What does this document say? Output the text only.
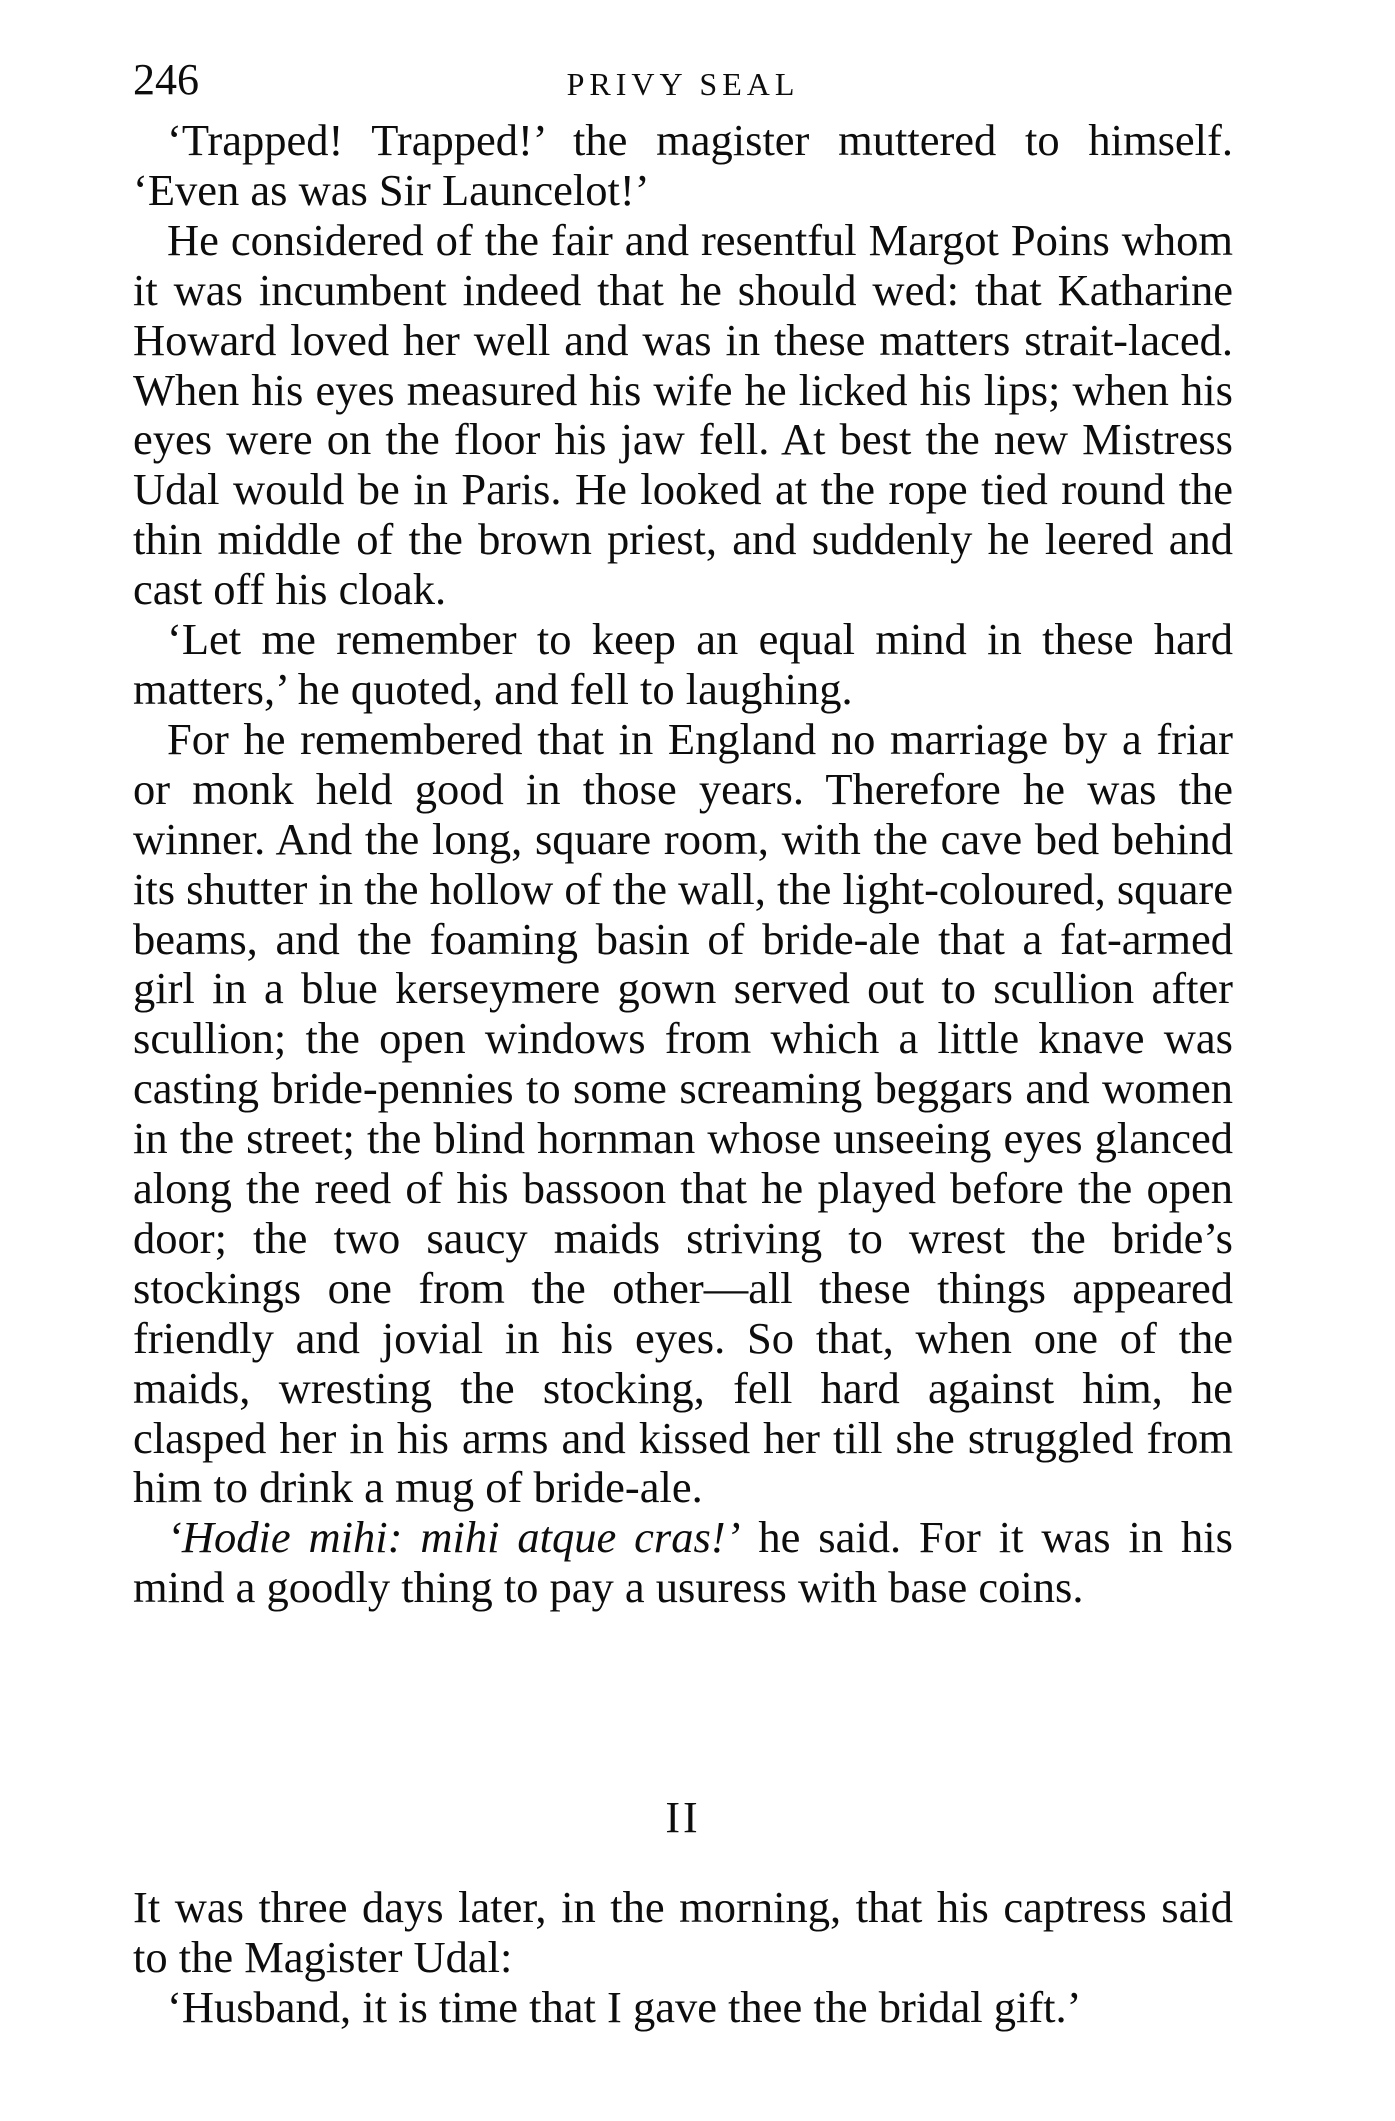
246	PRIVY SEAL

‘Trapped! Trapped!’ the magister muttered to himself. ‘Even as was Sir Launcelot!’

He considered of the fair and resentful Margot Poins whom it was incumbent indeed that he should wed: that Katharine Howard loved her well and was in these matters strait-laced. When his eyes measured his wife he licked his lips; when his eyes were on the floor his jaw fell. At best the new Mistress Udal would be in Paris. He looked at the rope tied round the thin middle of the brown priest, and suddenly he leered and cast off his cloak.

‘Let me remember to keep an equal mind in these hard matters,’ he quoted, and fell to laughing.

For he remembered that in England no marriage by a friar or monk held good in those years. Therefore he was the winner. And the long, square room, with the cave bed behind its shutter in the hollow of the wall, the light-coloured, square beams, and the foaming basin of bride-ale that a fat-armed girl in a blue kerseymere gown served out to scullion after scullion; the open windows from which a little knave was casting bride-pennies to some screaming beggars and women in the street; the blind hornman whose unseeing eyes glanced along the reed of his bassoon that he played before the open door; the two saucy maids striving to wrest the bride’s stockings one from the other—all these things appeared friendly and jovial in his eyes. So that, when one of the maids, wresting the stocking, fell hard against him, he clasped her in his arms and kissed her till she struggled from him to drink a mug of bride-ale.

‘Hodie mihi: mihi atque cras!’ he said. For it was in his mind a goodly thing to pay a usuress with base coins.

II

It was three days later, in the morning, that his captress said to the Magister Udal:

‘Husband, it is time that I gave thee the bridal gift.’
